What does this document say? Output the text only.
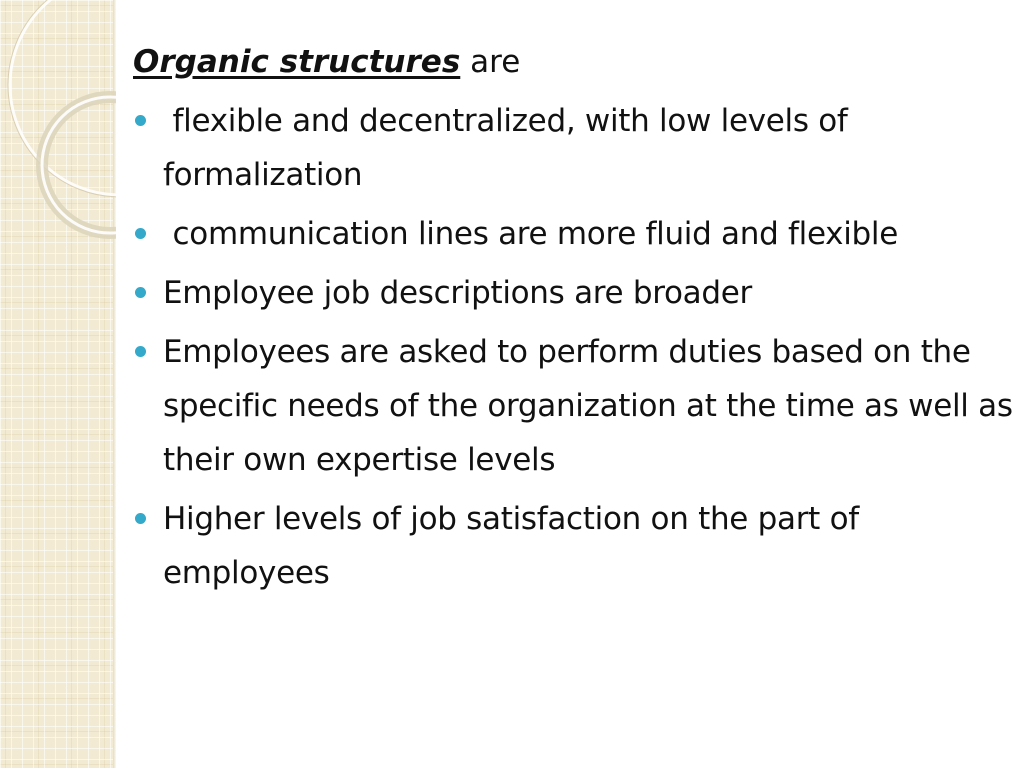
Organic structures are
flexible and decentralized, with low levels of formalization
communication lines are more fluid and flexible
Employee job descriptions are broader
Employees are asked to perform duties based on the specific needs of the organization at the time as well as their own expertise levels
Higher levels of job satisfaction on the part of employees
